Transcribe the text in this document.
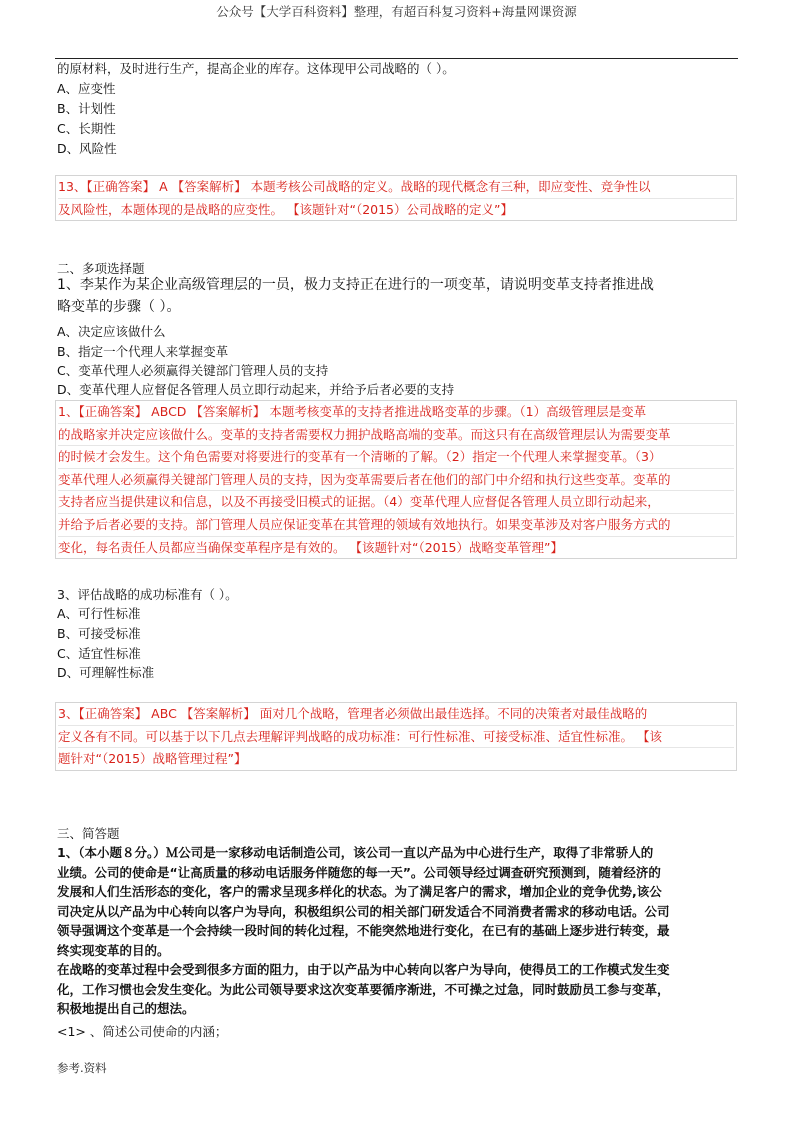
公众号【大学百科资料】整理，有超百科复习资料+海量网课资源
的原材料，及时进行生产，提高企业的库存。这体现甲公司战略的（ ）。
A、应变性
B、计划性
C、长期性
D、风险性
13、【正确答案】 A 【答案解析】 本题考核公司战略的定义。战略的现代概念有三种，即应变性、竞争性以
及风险性，本题体现的是战略的应变性。 【该题针对“（2015）公司战略的定义”】
二、多项选择题
1、李某作为某企业高级管理层的一员，极力支持正在进行的一项变革，请说明变革支持者推进战
略变革的步骤（ ）。
A、决定应该做什么
B、指定一个代理人来掌握变革
C、变革代理人必须赢得关键部门管理人员的支持
D、变革代理人应督促各管理人员立即行动起来，并给予后者必要的支持
1、【正确答案】 ABCD 【答案解析】 本题考核变革的支持者推进战略变革的步骤。（1）高级管理层是变革
的战略家并决定应该做什么。变革的支持者需要权力拥护战略高端的变革。而这只有在高级管理层认为需要变革
的时候才会发生。这个角色需要对将要进行的变革有一个清晰的了解。（2）指定一个代理人来掌握变革。（3）
变革代理人必须赢得关键部门管理人员的支持，因为变革需要后者在他们的部门中介绍和执行这些变革。变革的
支持者应当提供建议和信息，以及不再接受旧模式的证据。（4）变革代理人应督促各管理人员立即行动起来，
并给予后者必要的支持。部门管理人员应保证变革在其管理的领域有效地执行。如果变革涉及对客户服务方式的
变化，每名责任人员都应当确保变革程序是有效的。 【该题针对“（2015）战略变革管理”】
3、评估战略的成功标准有（ ）。
A、可行性标准
B、可接受标准
C、适宜性标准
D、可理解性标准
3、【正确答案】 ABC 【答案解析】 面对几个战略，管理者必须做出最佳选择。不同的决策者对最佳战略的
定义各有不同。可以基于以下几点去理解评判战略的成功标准：可行性标准、可接受标准、适宜性标准。 【该
题针对“（2015）战略管理过程”】
三、简答题
1、（本小题８分。）Ｍ公司是一家移动电话制造公司，该公司一直以产品为中心进行生产，取得了非常骄人的
业绩。公司的使命是“让高质量的移动电话服务伴随您的每一天”。公司领导经过调查研究预测到，随着经济的
发展和人们生活形态的变化，客户的需求呈现多样化的状态。为了满足客户的需求，增加企业的竞争优势,该公
司决定从以产品为中心转向以客户为导向，积极组织公司的相关部门研发适合不同消费者需求的移动电话。公司
领导强调这个变革是一个会持续一段时间的转化过程，不能突然地进行变化，在已有的基础上逐步进行转变，最
终实现变革的目的。
在战略的变革过程中会受到很多方面的阻力，由于以产品为中心转向以客户为导向，使得员工的工作模式发生变
化，工作习惯也会发生变化。为此公司领导要求这次变革要循序渐进，不可操之过急，同时鼓励员工参与变革，
积极地提出自己的想法。
<1> 、简述公司使命的内涵；
参考.资料
